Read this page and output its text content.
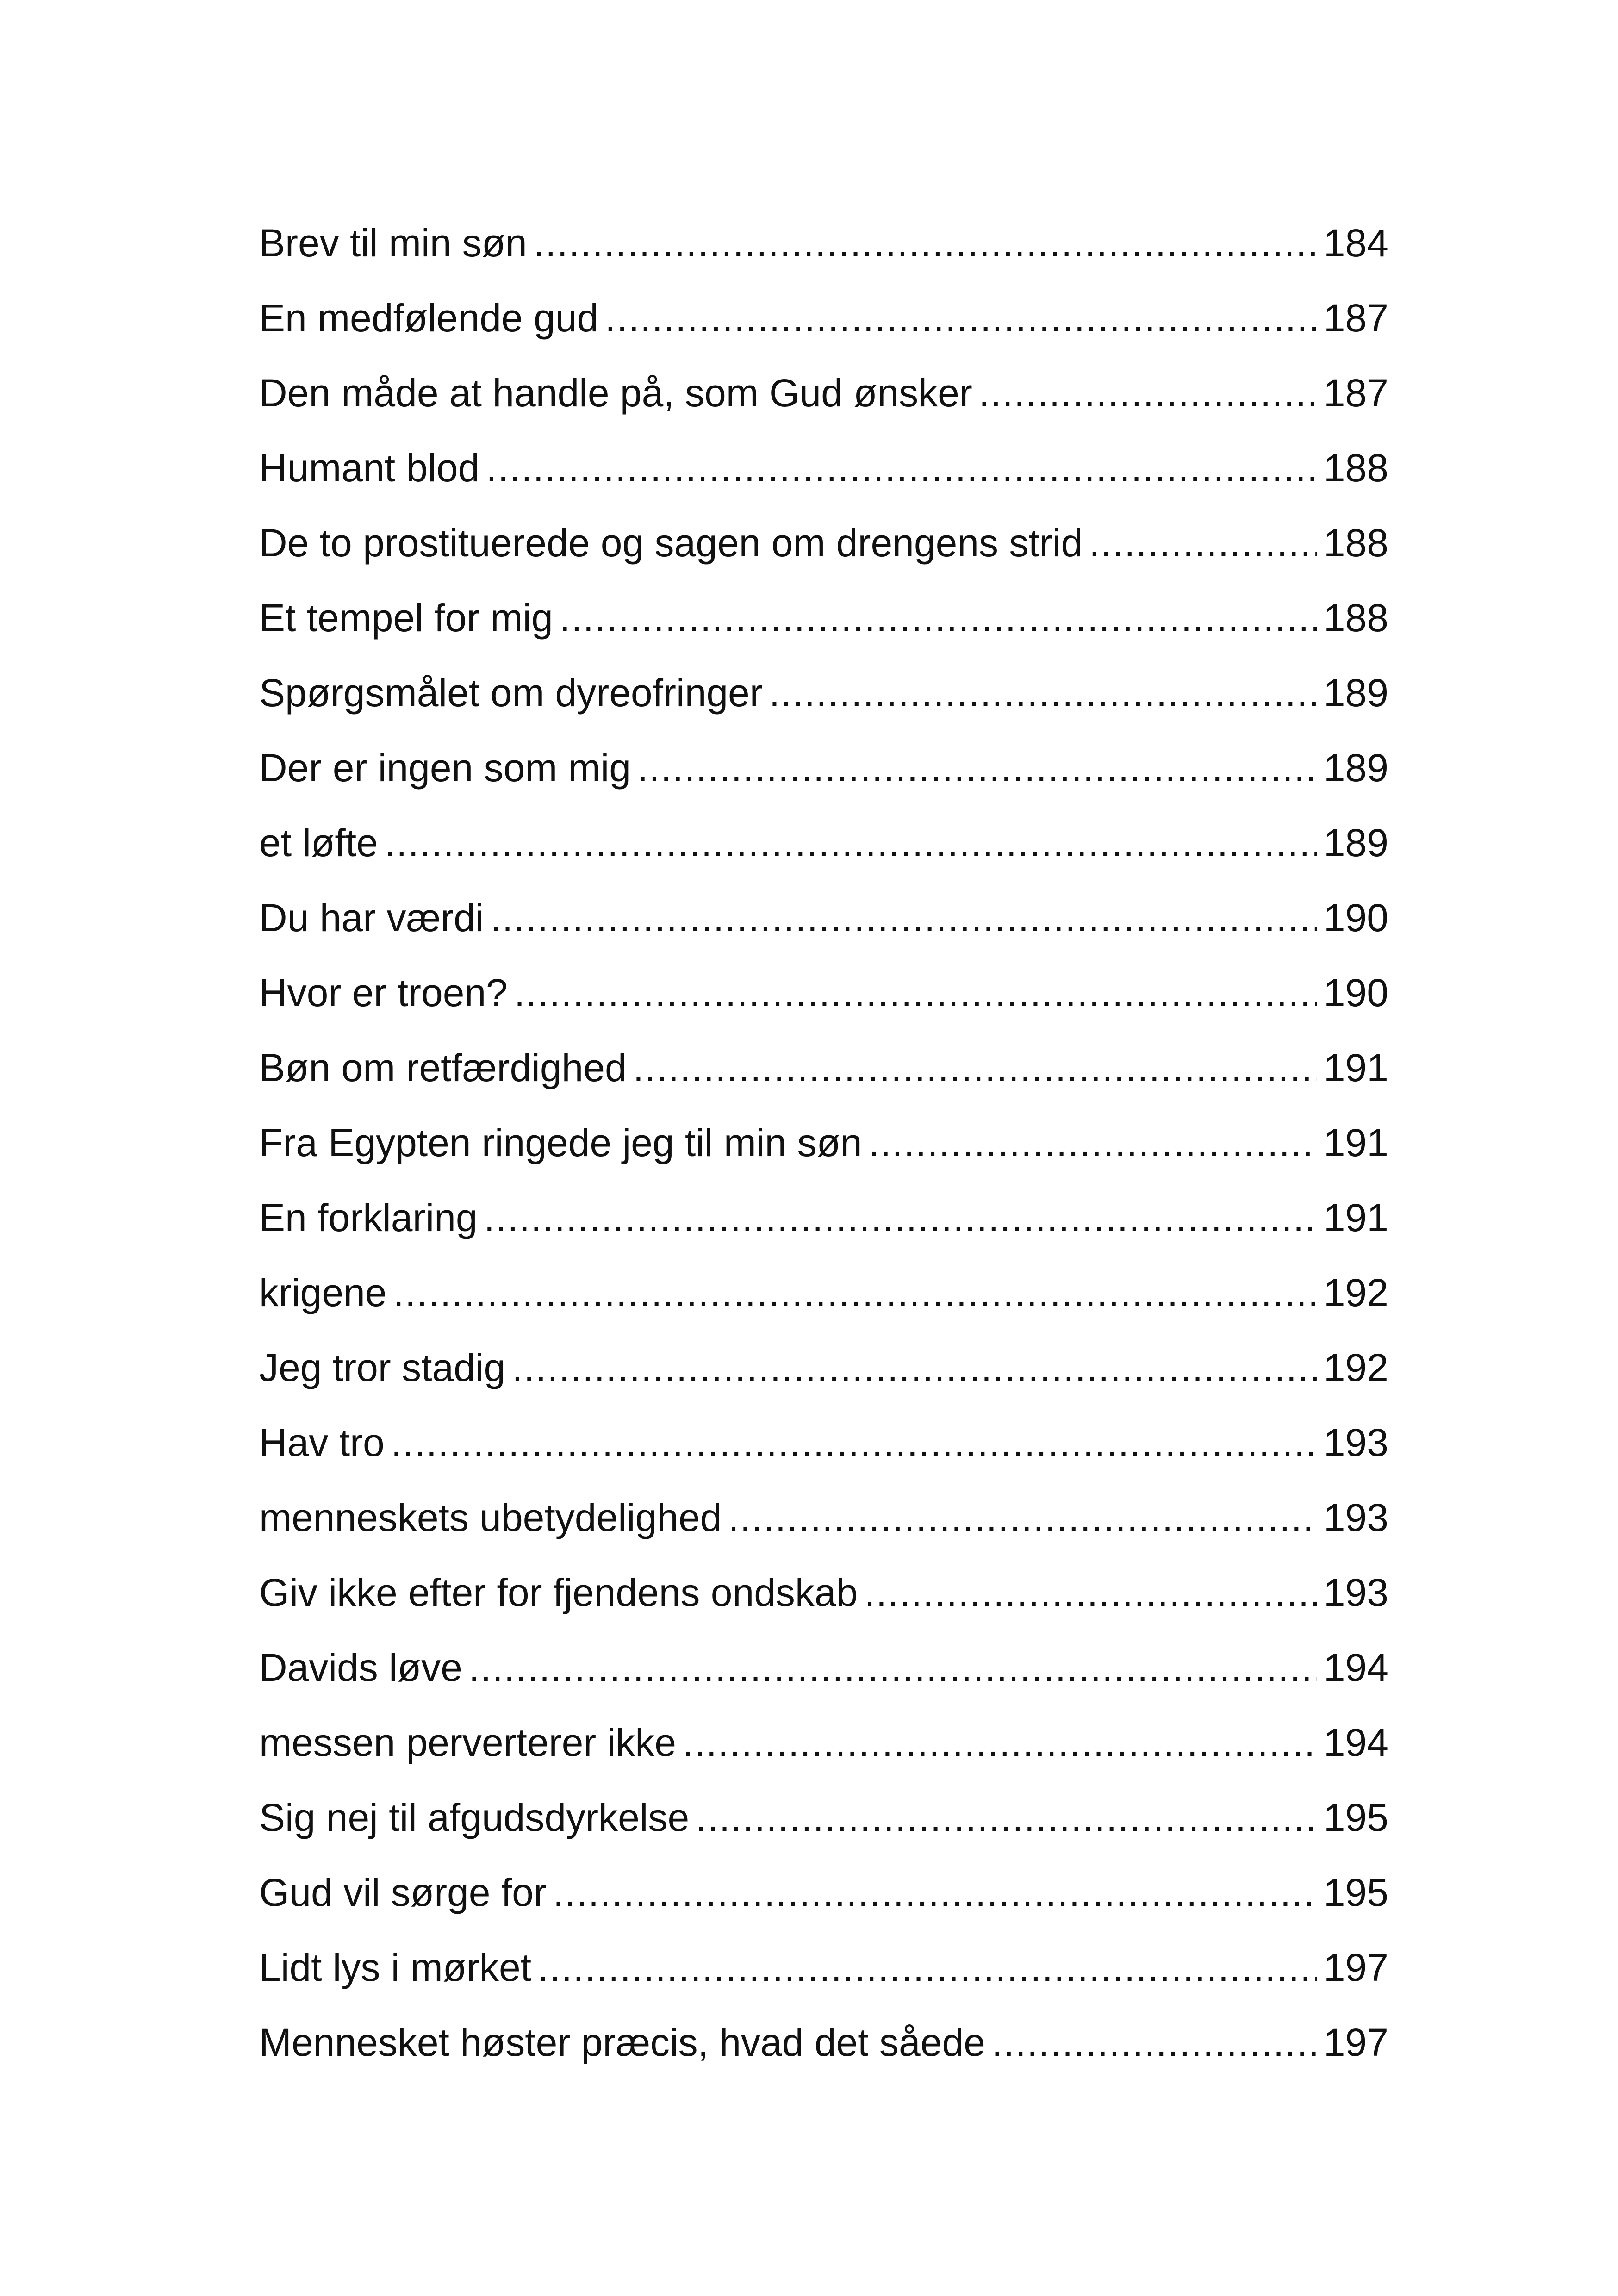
Brev til min søn .....	184
En medfølende gud .....	187
Den måde at handle på, som Gud ønsker .....	187
Humant blod .....	188
De to prostituerede og sagen om drengens strid .....	188
Et tempel for mig .....	188
Spørgsmålet om dyreofringer .....	189
Der er ingen som mig .....	189
et løfte .....	189
Du har værdi .....	190
Hvor er troen? .....	190
Bøn om retfærdighed .....	191
Fra Egypten ringede jeg til min søn .....	191
En forklaring .....	191
krigene .....	192
Jeg tror stadig .....	192
Hav tro .....	193
menneskets ubetydelighed .....	193
Giv ikke efter for fjendens ondskab .....	193
Davids løve .....	194
messen perverterer ikke .....	194
Sig nej til afgudsdyrkelse .....	195
Gud vil sørge for .....	195
Lidt lys i mørket .....	197
Mennesket høster præcis, hvad det såede .....	197
